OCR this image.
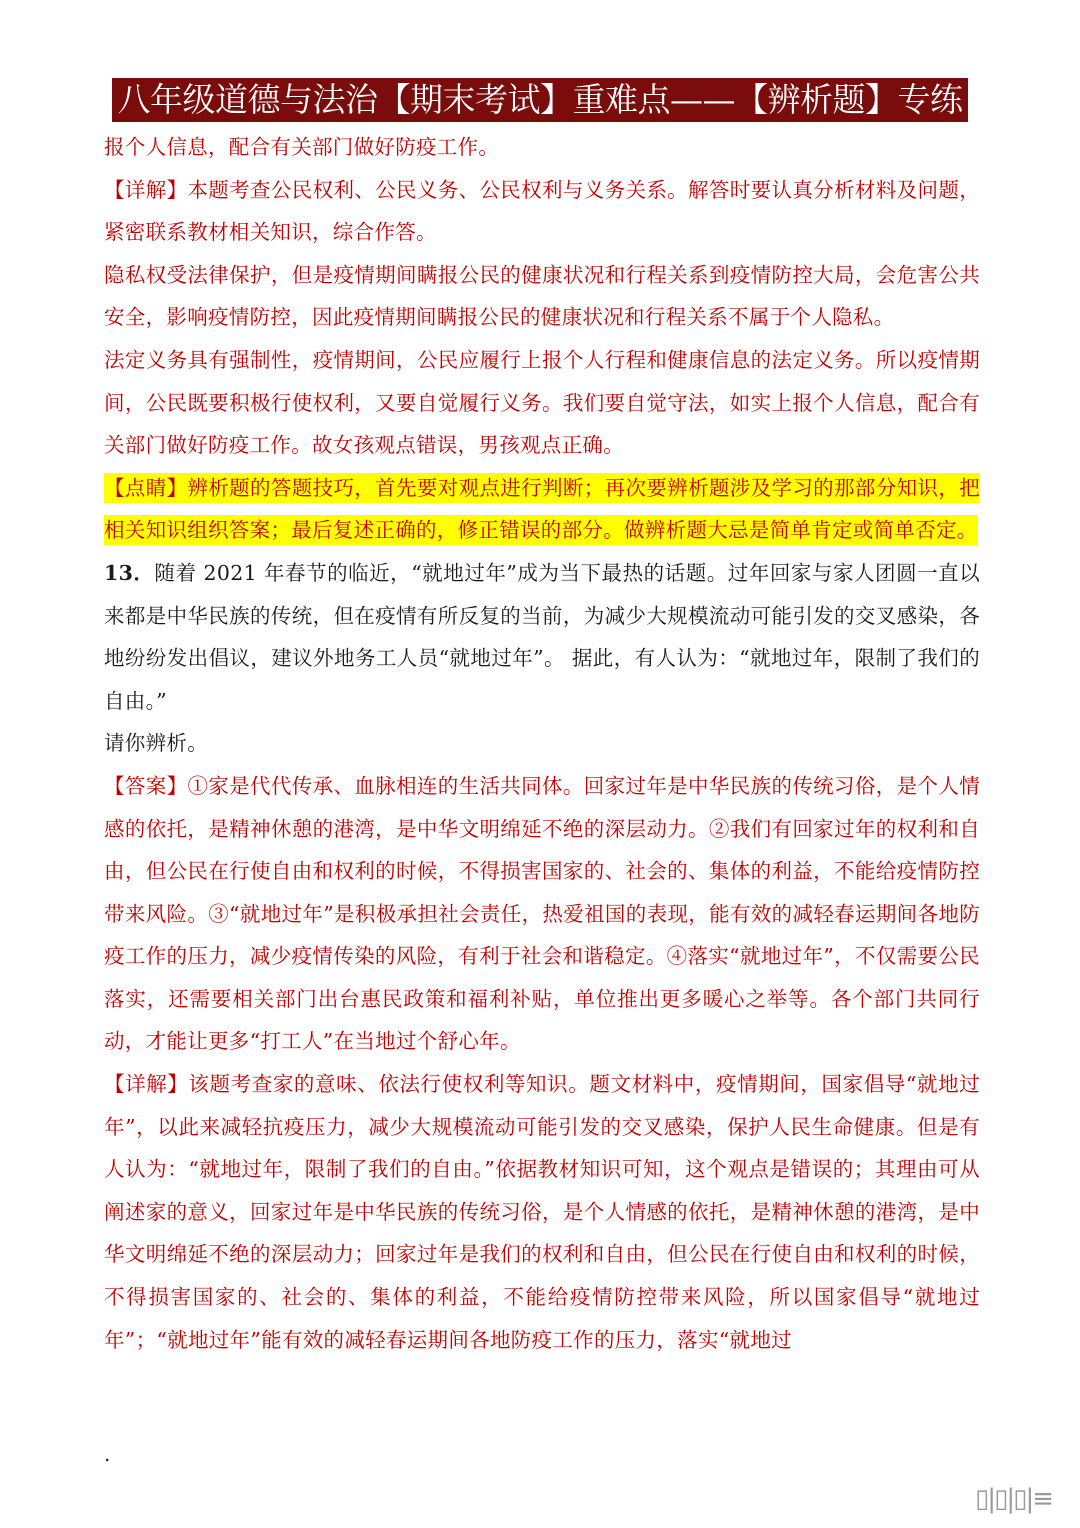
八年级道德与法治【期末考试】重难点——【辨析题】专练

报个人信息，配合有关部门做好防疫工作。

【详解】本题考查公民权利、公民义务、公民权利与义务关系。解答时要认真分析材料及问题，紧密联系教材相关知识，综合作答。

隐私权受法律保护，但是疫情期间瞒报公民的健康状况和行程关系到疫情防控大局，会危害公共安全，影响疫情防控，因此疫情期间瞒报公民的健康状况和行程关系不属于个人隐私。

法定义务具有强制性，疫情期间，公民应履行上报个人行程和健康信息的法定义务。所以疫情期间，公民既要积极行使权利，又要自觉履行义务。我们要自觉守法，如实上报个人信息，配合有关部门做好防疫工作。故女孩观点错误，男孩观点正确。

【点睛】辨析题的答题技巧，首先要对观点进行判断；再次要辨析题涉及学习的那部分知识，把相关知识组织答案；最后复述正确的，修正错误的部分。做辨析题大忌是简单肯定或简单否定。

13．随着 2021 年春节的临近，“就地过年”成为当下最热的话题。过年回家与家人团圆一直以来都是中华民族的传统，但在疫情有所反复的当前，为减少大规模流动可能引发的交叉感染，各地纷纷发出倡议，建议外地务工人员“就地过年”。 据此，有人认为：“就地过年，限制了我们的自由。”

请你辨析。

【答案】①家是代代传承、血脉相连的生活共同体。回家过年是中华民族的传统习俗，是个人情感的依托，是精神休憩的港湾，是中华文明绵延不绝的深层动力。②我们有回家过年的权利和自由，但公民在行使自由和权利的时候，不得损害国家的、社会的、集体的利益，不能给疫情防控带来风险。③“就地过年”是积极承担社会责任，热爱祖国的表现，能有效的减轻春运期间各地防疫工作的压力，减少疫情传染的风险，有利于社会和谐稳定。④落实“就地过年”，不仅需要公民落实，还需要相关部门出台惠民政策和福利补贴，单位推出更多暖心之举等。各个部门共同行动，才能让更多“打工人”在当地过个舒心年。

【详解】该题考查家的意味、依法行使权利等知识。题文材料中，疫情期间，国家倡导“就地过年”，以此来减轻抗疫压力，减少大规模流动可能引发的交叉感染，保护人民生命健康。但是有人认为：“就地过年，限制了我们的自由。”依据教材知识可知，这个观点是错误的；其理由可从阐述家的意义，回家过年是中华民族的传统习俗，是个人情感的依托，是精神休憩的港湾，是中华文明绵延不绝的深层动力；回家过年是我们的权利和自由，但公民在行使自由和权利的时候，不得损害国家的、社会的、集体的利益，不能给疫情防控带来风险，所以国家倡导“就地过年”；“就地过年”能有效的减轻春运期间各地防疫工作的压力，落实“就地过

.
▯|▯|▯|≡
